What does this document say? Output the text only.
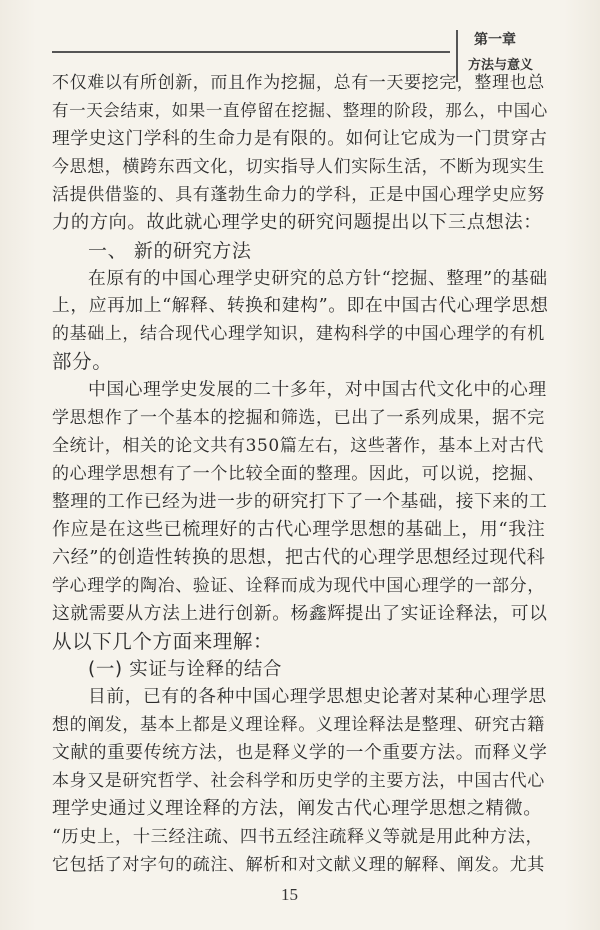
第一章
方法与意义
不仅难以有所创新，而且作为挖掘，总有一天要挖完，整理也总
有一天会结束，如果一直停留在挖掘、整理的阶段，那么，中国心
理学史这门学科的生命力是有限的。如何让它成为一门贯穿古
今思想，横跨东西文化，切实指导人们实际生活，不断为现实生
活提供借鉴的、具有蓬勃生命力的学科，正是中国心理学史应努
力的方向。故此就心理学史的研究问题提出以下三点想法：
一、 新的研究方法
在原有的中国心理学史研究的总方针“挖掘、整理”的基础
上，应再加上“解释、转换和建构”。即在中国古代心理学思想
的基础上，结合现代心理学知识，建构科学的中国心理学的有机
部分。
中国心理学史发展的二十多年，对中国古代文化中的心理
学思想作了一个基本的挖掘和筛选，已出了一系列成果，据不完
全统计，相关的论文共有350篇左右，这些著作，基本上对古代
的心理学思想有了一个比较全面的整理。因此，可以说，挖掘、
整理的工作已经为进一步的研究打下了一个基础，接下来的工
作应是在这些已梳理好的古代心理学思想的基础上，用“我注
六经”的创造性转换的思想，把古代的心理学思想经过现代科
学心理学的陶冶、验证、诠释而成为现代中国心理学的一部分，
这就需要从方法上进行创新。杨鑫辉提出了实证诠释法，可以
从以下几个方面来理解：
(一) 实证与诠释的结合
目前，已有的各种中国心理学思想史论著对某种心理学思
想的阐发，基本上都是义理诠释。义理诠释法是整理、研究古籍
文献的重要传统方法，也是释义学的一个重要方法。而释义学
本身又是研究哲学、社会科学和历史学的主要方法，中国古代心
理学史通过义理诠释的方法，阐发古代心理学思想之精微。
“历史上，十三经注疏、四书五经注疏释义等就是用此种方法，
它包括了对字句的疏注、解析和对文献义理的解释、阐发。尤其
15
